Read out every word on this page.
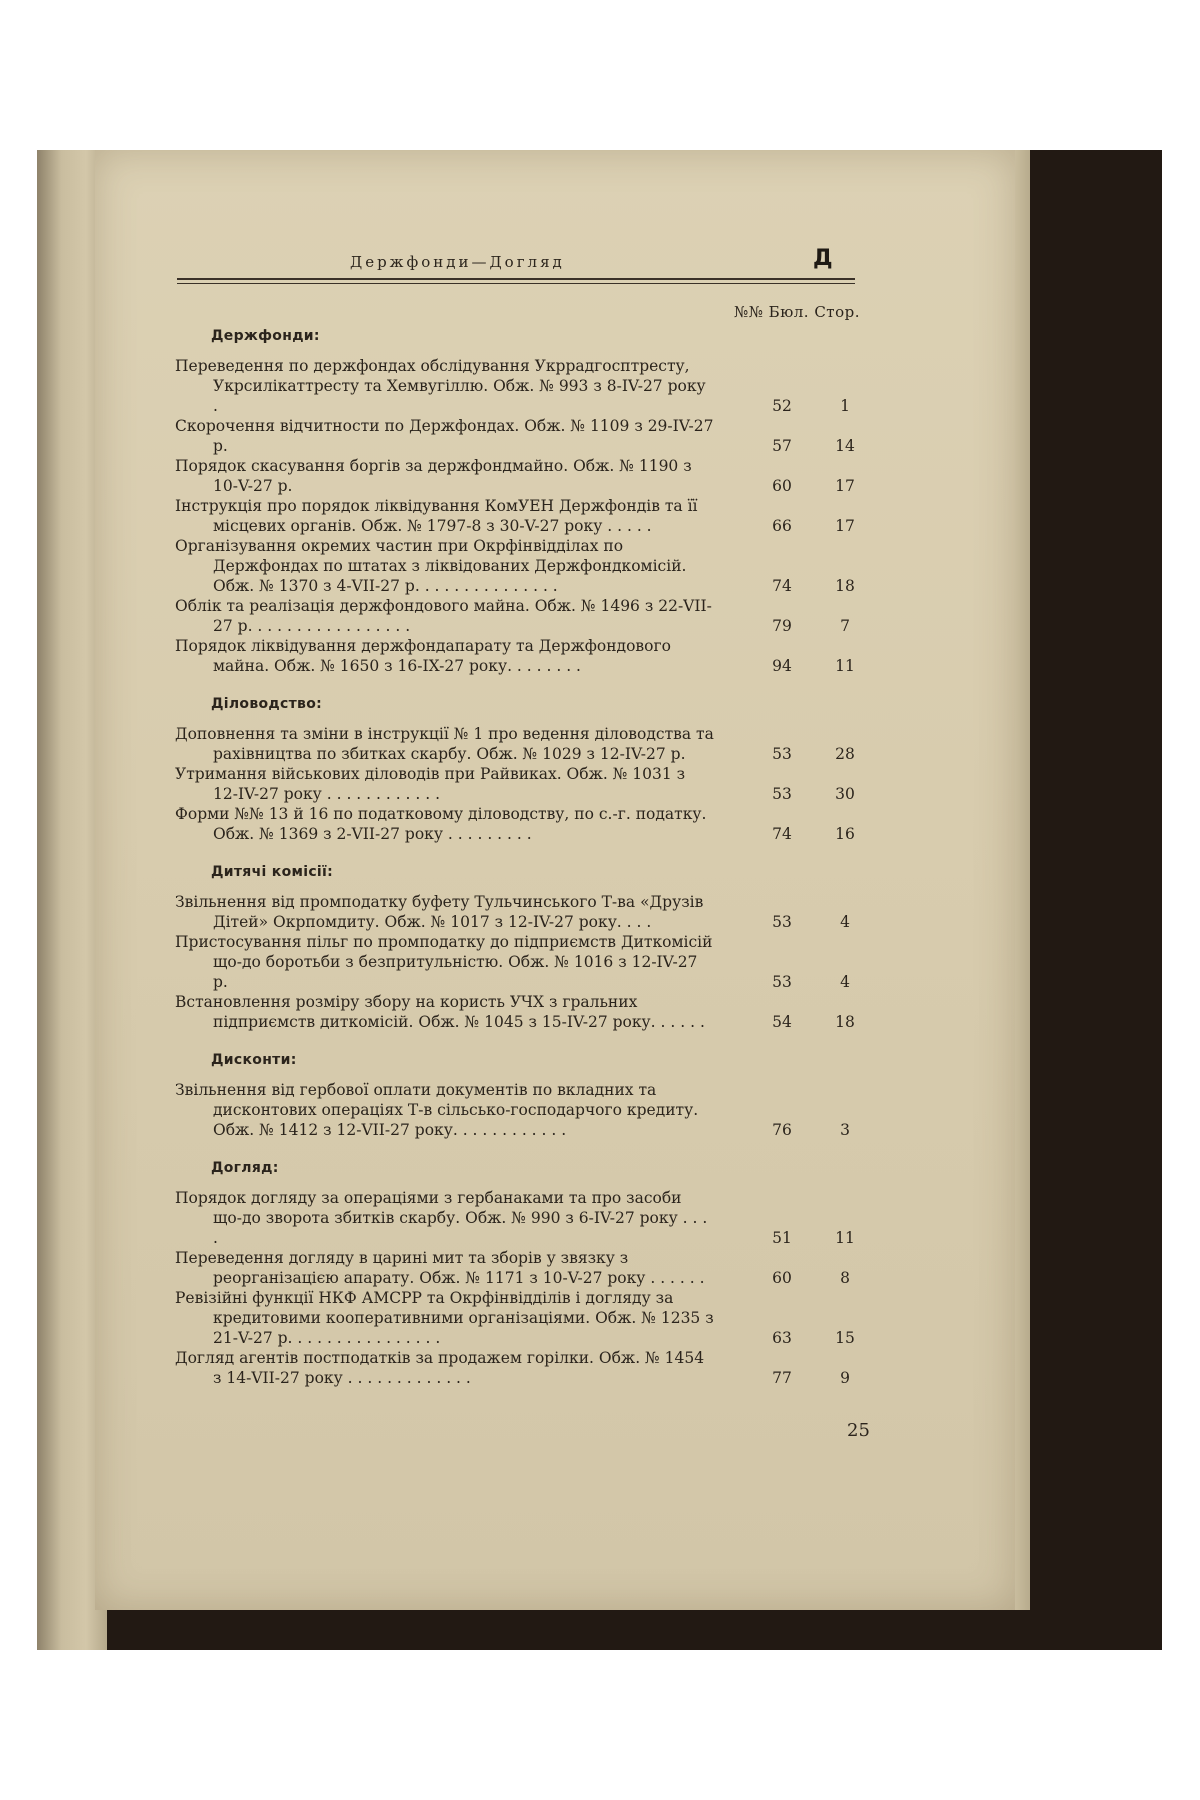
Держфонди—Догляд	Д
№№ Бюл. Стор.
Держфонди:
Переведення по держфондах обслідування Укррадгосптресту, Укрсилікаттресту та Хемвугіллю. Обж. № 993 з 8-IV-27 року .	52	1
Скорочення відчитности по Держфондах. Обж. № 1109 з 29-IV-27 р.	57	14
Порядок скасування боргів за держфондмайно. Обж. № 1190 з 10-V-27 р.	60	17
Інструкція про порядок ліквідування КомУЕН Держфондів та її місцевих органів. Обж. № 1797-8 з 30-V-27 року . . . . .	66	17
Організування окремих частин при Окрфінвідділах по Держфондах по штатах з ліквідованих Держфондкомісій. Обж. № 1370 з 4-VII-27 р. . . . . . . . . . . . . . .	74	18
Облік та реалізація держфондового майна. Обж. № 1496 з 22-VII-27 р. . . . . . . . . . . . . . . . .	79	7
Порядок ліквідування держфондапарату та Держфондового майна. Обж. № 1650 з 16-IX-27 року. . . . . . . .	94	11
Діловодство:
Доповнення та зміни в інструкції № 1 про ведення діловодства та рахівництва по збитках скарбу. Обж. № 1029 з 12-IV-27 р.	53	28
Утримання військових діловодів при Райвиках. Обж. № 1031 з 12-IV-27 року . . . . . . . . . . . .	53	30
Форми №№ 13 й 16 по податковому діловодству, по с.-г. податку. Обж. № 1369 з 2-VII-27 року . . . . . . . . .	74	16
Дитячі комісії:
Звільнення від промподатку буфету Тульчинського Т-ва «Друзів Дітей» Окрпомдиту. Обж. № 1017 з 12-IV-27 року. . . .	53	4
Пристосування пільг по промподатку до підприємств Диткомісій що-до боротьби з безпритульністю. Обж. № 1016 з 12-IV-27 р.	53	4
Встановлення розміру збору на користь УЧХ з гральних підприємств диткомісій. Обж. № 1045 з 15-IV-27 року. . . . . .	54	18
Дисконти:
Звільнення від гербової оплати документів по вкладних та дисконтових операціях Т-в сільсько-господарчого кредиту. Обж. № 1412 з 12-VII-27 року. . . . . . . . . . . .	76	3
Догляд:
Порядок догляду за операціями з гербанаками та про засоби що-до зворота збитків скарбу. Обж. № 990 з 6-IV-27 року . . . .	51	11
Переведення догляду в царині мит та зборів у звязку з реорганізацією апарату. Обж. № 1171 з 10-V-27 року . . . . . .	60	8
Ревізійні функції НКФ АМСРР та Окрфінвідділів і догляду за кредитовими кооперативними організаціями. Обж. № 1235 з 21-V-27 р. . . . . . . . . . . . . . . .	63	15
Догляд агентів постподатків за продажем горілки. Обж. № 1454 з 14-VII-27 року . . . . . . . . . . . . .	77	9
25
